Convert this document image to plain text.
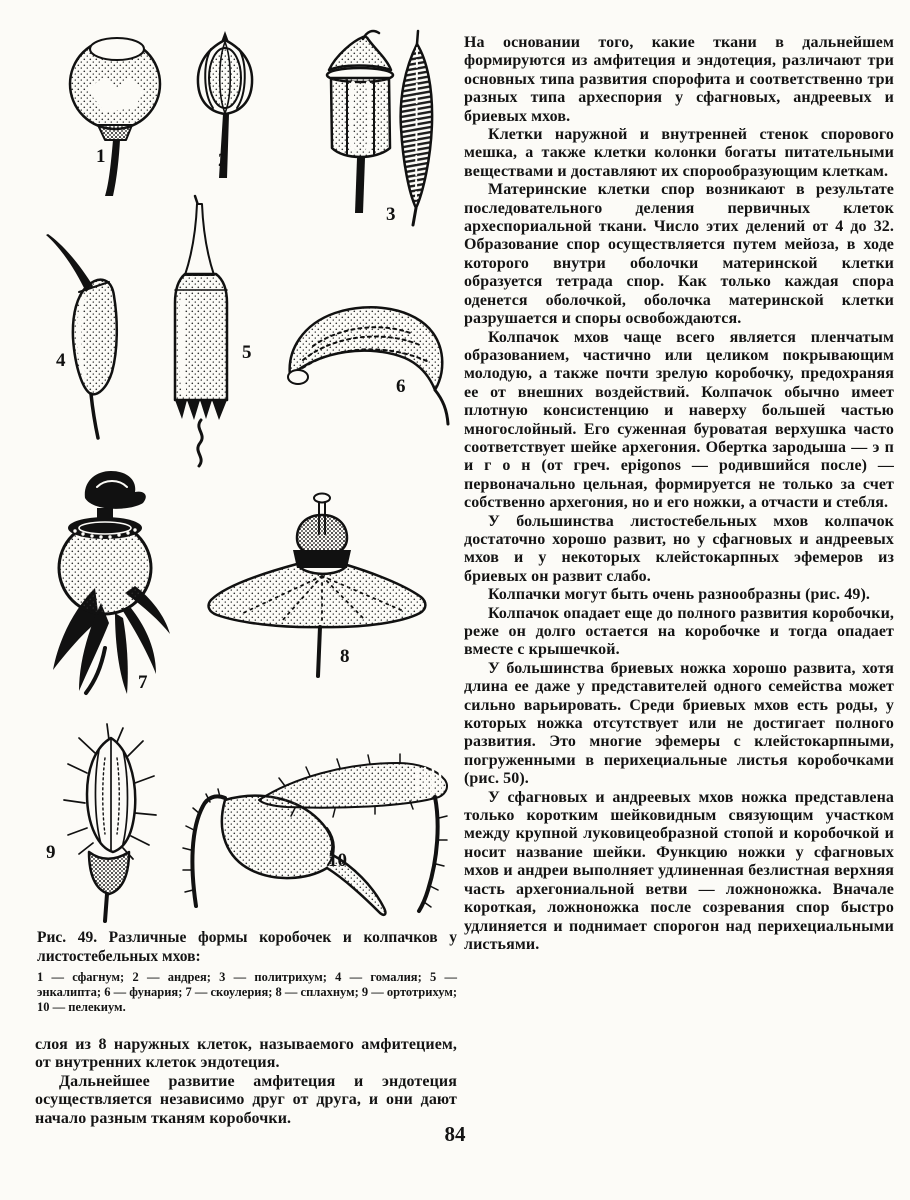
1	2
3
4	5
6
7
8
9	10

Рис. 49. Различные формы коробочек и колпачков у листостебельных мхов:

1 — сфагнум; 2 — андрея; 3 — политрихум; 4 — гомалия; 5 — энкалипта; 6 — фунария; 7 — скоулерия; 8 — сплахнум; 9 — ортотрихум; 10 — пелекиум.

слоя из 8 наружных клеток, называемого амфитецием, от внутренних клеток эндотеция.

Дальнейшее развитие амфитеция и эндотеция осуществляется независимо друг от друга, и они дают начало разным тканям коробочки.

На основании того, какие ткани в дальнейшем формируются из амфитеция и эндотеция, различают три основных типа развития спорофита и соответственно три разных типа археспория у сфагновых, андреевых и бриевых мхов.

Клетки наружной и внутренней стенок спорового мешка, а также клетки колонки богаты питательными веществами и доставляют их спорообразующим клеткам.

Материнские клетки спор возникают в результате последовательного деления первичных клеток археспориальной ткани. Число этих делений от 4 до 32. Образование спор осуществляется путем мейоза, в ходе которого внутри оболочки материнской клетки образуется тетрада спор. Как только каждая спора оденется оболочкой, оболочка материнской клетки разрушается и споры освобождаются.

Колпачок мхов чаще всего является пленчатым образованием, частично или целиком покрывающим молодую, а также почти зрелую коробочку, предохраняя ее от внешних воздействий. Колпачок обычно имеет плотную консистенцию и наверху большей частью многослойный. Его суженная буроватая верхушка часто соответствует шейке архегония. Обертка зародыша — э п и г о н (от греч. epigonos — родившийся после) — первоначально цельная, формируется не только за счет собственно архегония, но и его ножки, а отчасти и стебля.

У большинства листостебельных мхов колпачок достаточно хорошо развит, но у сфагновых и андреевых мхов и у некоторых клейстокарпных эфемеров из бриевых он развит слабо.

Колпачки могут быть очень разнообразны (рис. 49).

Колпачок опадает еще до полного развития коробочки, реже он долго остается на коробочке и тогда опадает вместе с крышечкой.

У большинства бриевых ножка хорошо развита, хотя длина ее даже у представителей одного семейства может сильно варьировать. Среди бриевых мхов есть роды, у которых ножка отсутствует или не достигает полного развития. Это многие эфемеры с клейстокарпными, погруженными в перихециальные листья коробочками (рис. 50).

У сфагновых и андреевых мхов ножка представлена только коротким шейковидным связующим участком между крупной луковицеобразной стопой и коробочкой и носит название шейки. Функцию ножки у сфагновых мхов и андреи выполняет удлиненная безлистная верхняя часть архегониальной ветви — ложноножка. Вначале короткая, ложноножка после созревания спор быстро удлиняется и поднимает спорогон над перихециальными листьями.

84
